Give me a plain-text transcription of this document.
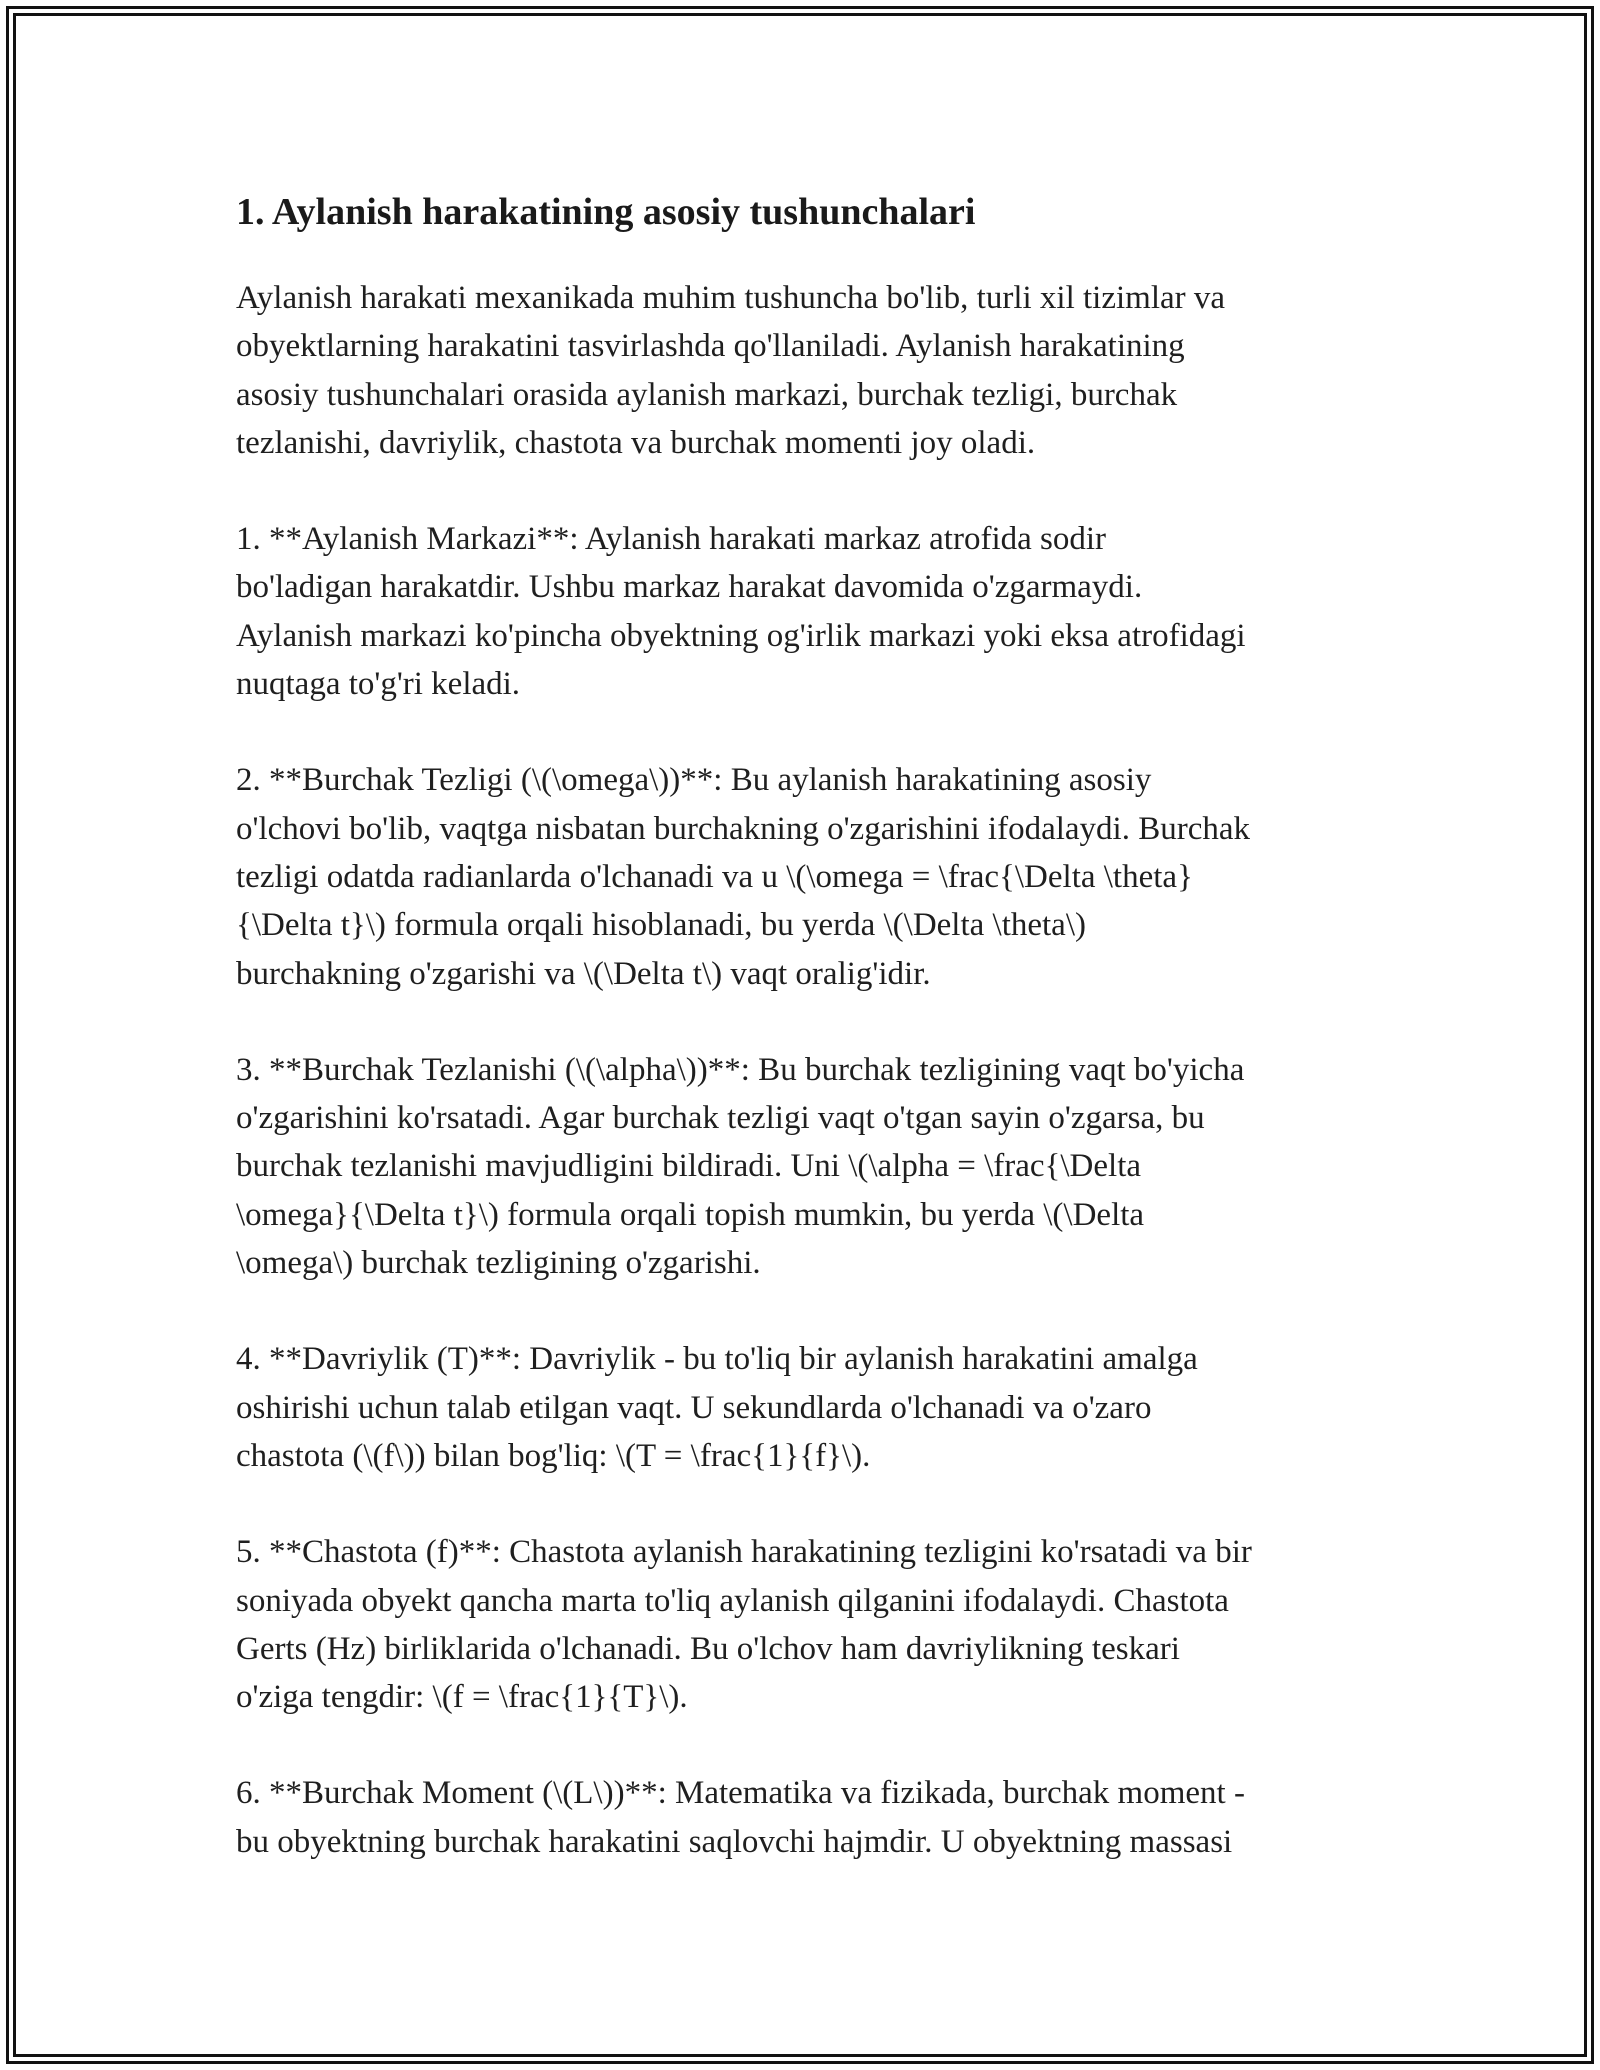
1. Aylanish harakatining asosiy tushunchalari

Aylanish harakati mexanikada muhim tushuncha bo'lib, turli xil tizimlar va
obyektlarning harakatini tasvirlashda qo'llaniladi. Aylanish harakatining
asosiy tushunchalari orasida aylanish markazi, burchak tezligi, burchak
tezlanishi, davriylik, chastota va burchak momenti joy oladi.

1. **Aylanish Markazi**: Aylanish harakati markaz atrofida sodir
bo'ladigan harakatdir. Ushbu markaz harakat davomida o'zgarmaydi.
Aylanish markazi ko'pincha obyektning og'irlik markazi yoki eksa atrofidagi
nuqtaga to'g'ri keladi.

2. **Burchak Tezligi (\(\omega\))**: Bu aylanish harakatining asosiy
o'lchovi bo'lib, vaqtga nisbatan burchakning o'zgarishini ifodalaydi. Burchak
tezligi odatda radianlarda o'lchanadi va u \(\omega = \frac{\Delta \theta}
{\Delta t}\) formula orqali hisoblanadi, bu yerda \(\Delta \theta\)
burchakning o'zgarishi va \(\Delta t\) vaqt oralig'idir.

3. **Burchak Tezlanishi (\(\alpha\))**: Bu burchak tezligining vaqt bo'yicha
o'zgarishini ko'rsatadi. Agar burchak tezligi vaqt o'tgan sayin o'zgarsa, bu
burchak tezlanishi mavjudligini bildiradi. Uni \(\alpha = \frac{\Delta
\omega}{\Delta t}\) formula orqali topish mumkin, bu yerda \(\Delta
\omega\) burchak tezligining o'zgarishi.

4. **Davriylik (T)**: Davriylik - bu to'liq bir aylanish harakatini amalga
oshirishi uchun talab etilgan vaqt. U sekundlarda o'lchanadi va o'zaro
chastota (\(f\)) bilan bog'liq: \(T = \frac{1}{f}\).

5. **Chastota (f)**: Chastota aylanish harakatining tezligini ko'rsatadi va bir
soniyada obyekt qancha marta to'liq aylanish qilganini ifodalaydi. Chastota
Gerts (Hz) birliklarida o'lchanadi. Bu o'lchov ham davriylikning teskari
o'ziga tengdir: \(f = \frac{1}{T}\).

6. **Burchak Moment (\(L\))**: Matematika va fizikada, burchak moment -
bu obyektning burchak harakatini saqlovchi hajmdir. U obyektning massasi
